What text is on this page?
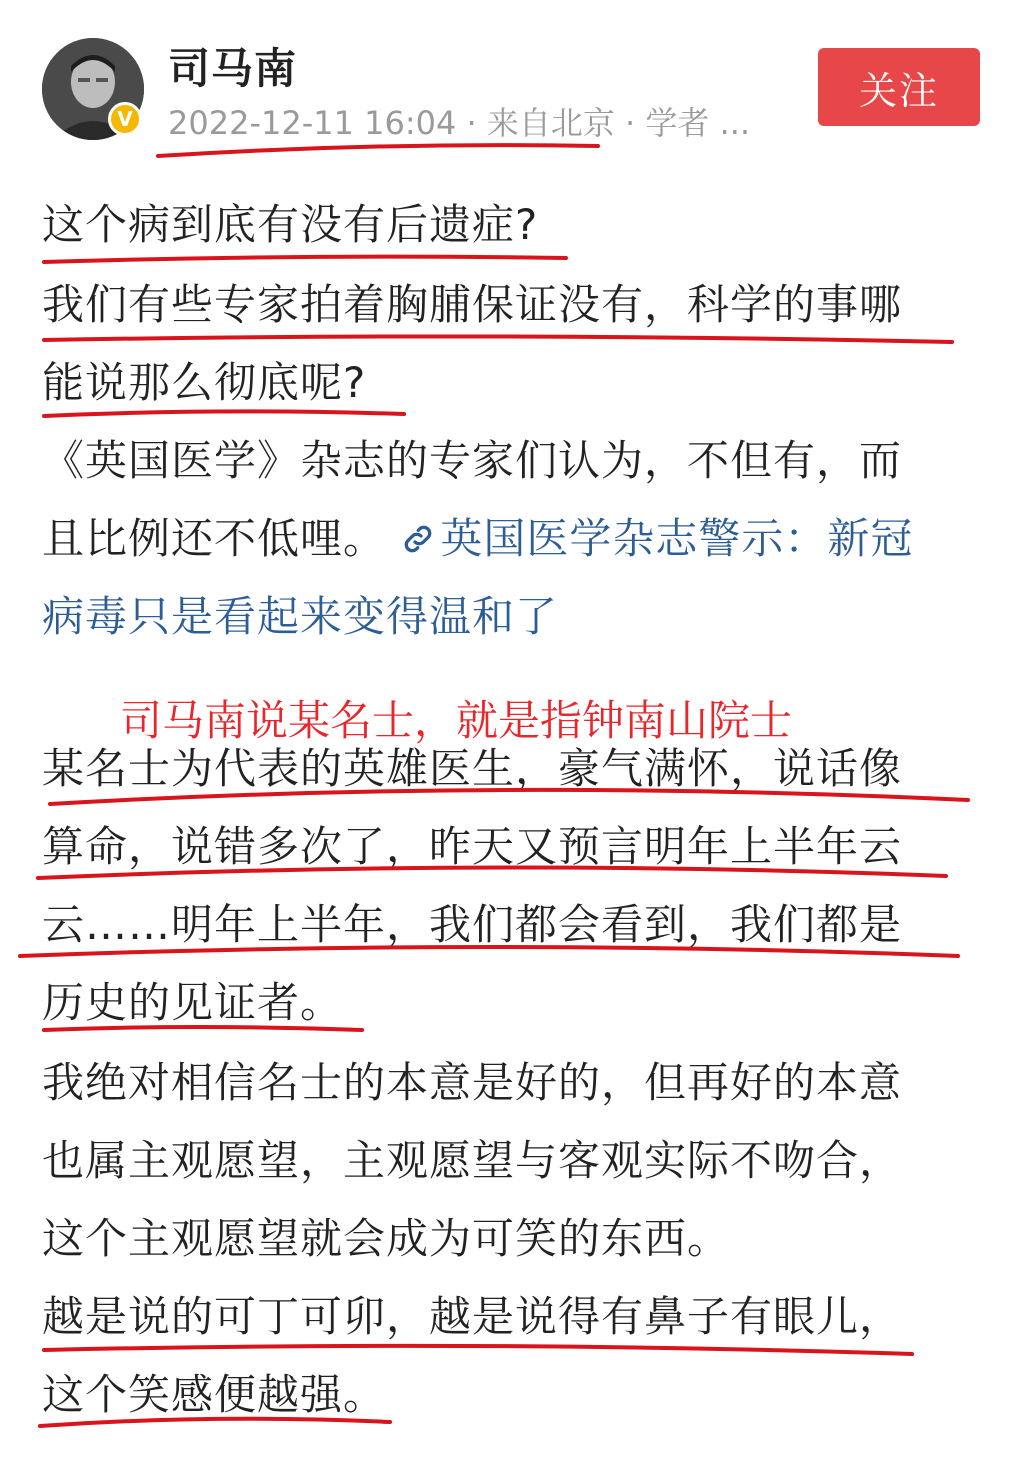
V
司马南
2022-12-11 16:04 · 来自北京 · 学者 ...
关注
这个病到底有没有后遗症?
我们有些专家拍着胸脯保证没有，科学的事哪
能说那么彻底呢?
《英国医学》杂志的专家们认为，不但有，而
且比例还不低哩。 英国医学杂志警示：新冠
病毒只是看起来变得温和了
司马南说某名士，就是指钟南山院士
某名士为代表的英雄医生，豪气满怀，说话像
算命，说错多次了，昨天又预言明年上半年云
云……明年上半年，我们都会看到，我们都是
历史的见证者。
我绝对相信名士的本意是好的，但再好的本意
也属主观愿望，主观愿望与客观实际不吻合，
这个主观愿望就会成为可笑的东西。
越是说的可丁可卯，越是说得有鼻子有眼儿，
这个笑感便越强。
